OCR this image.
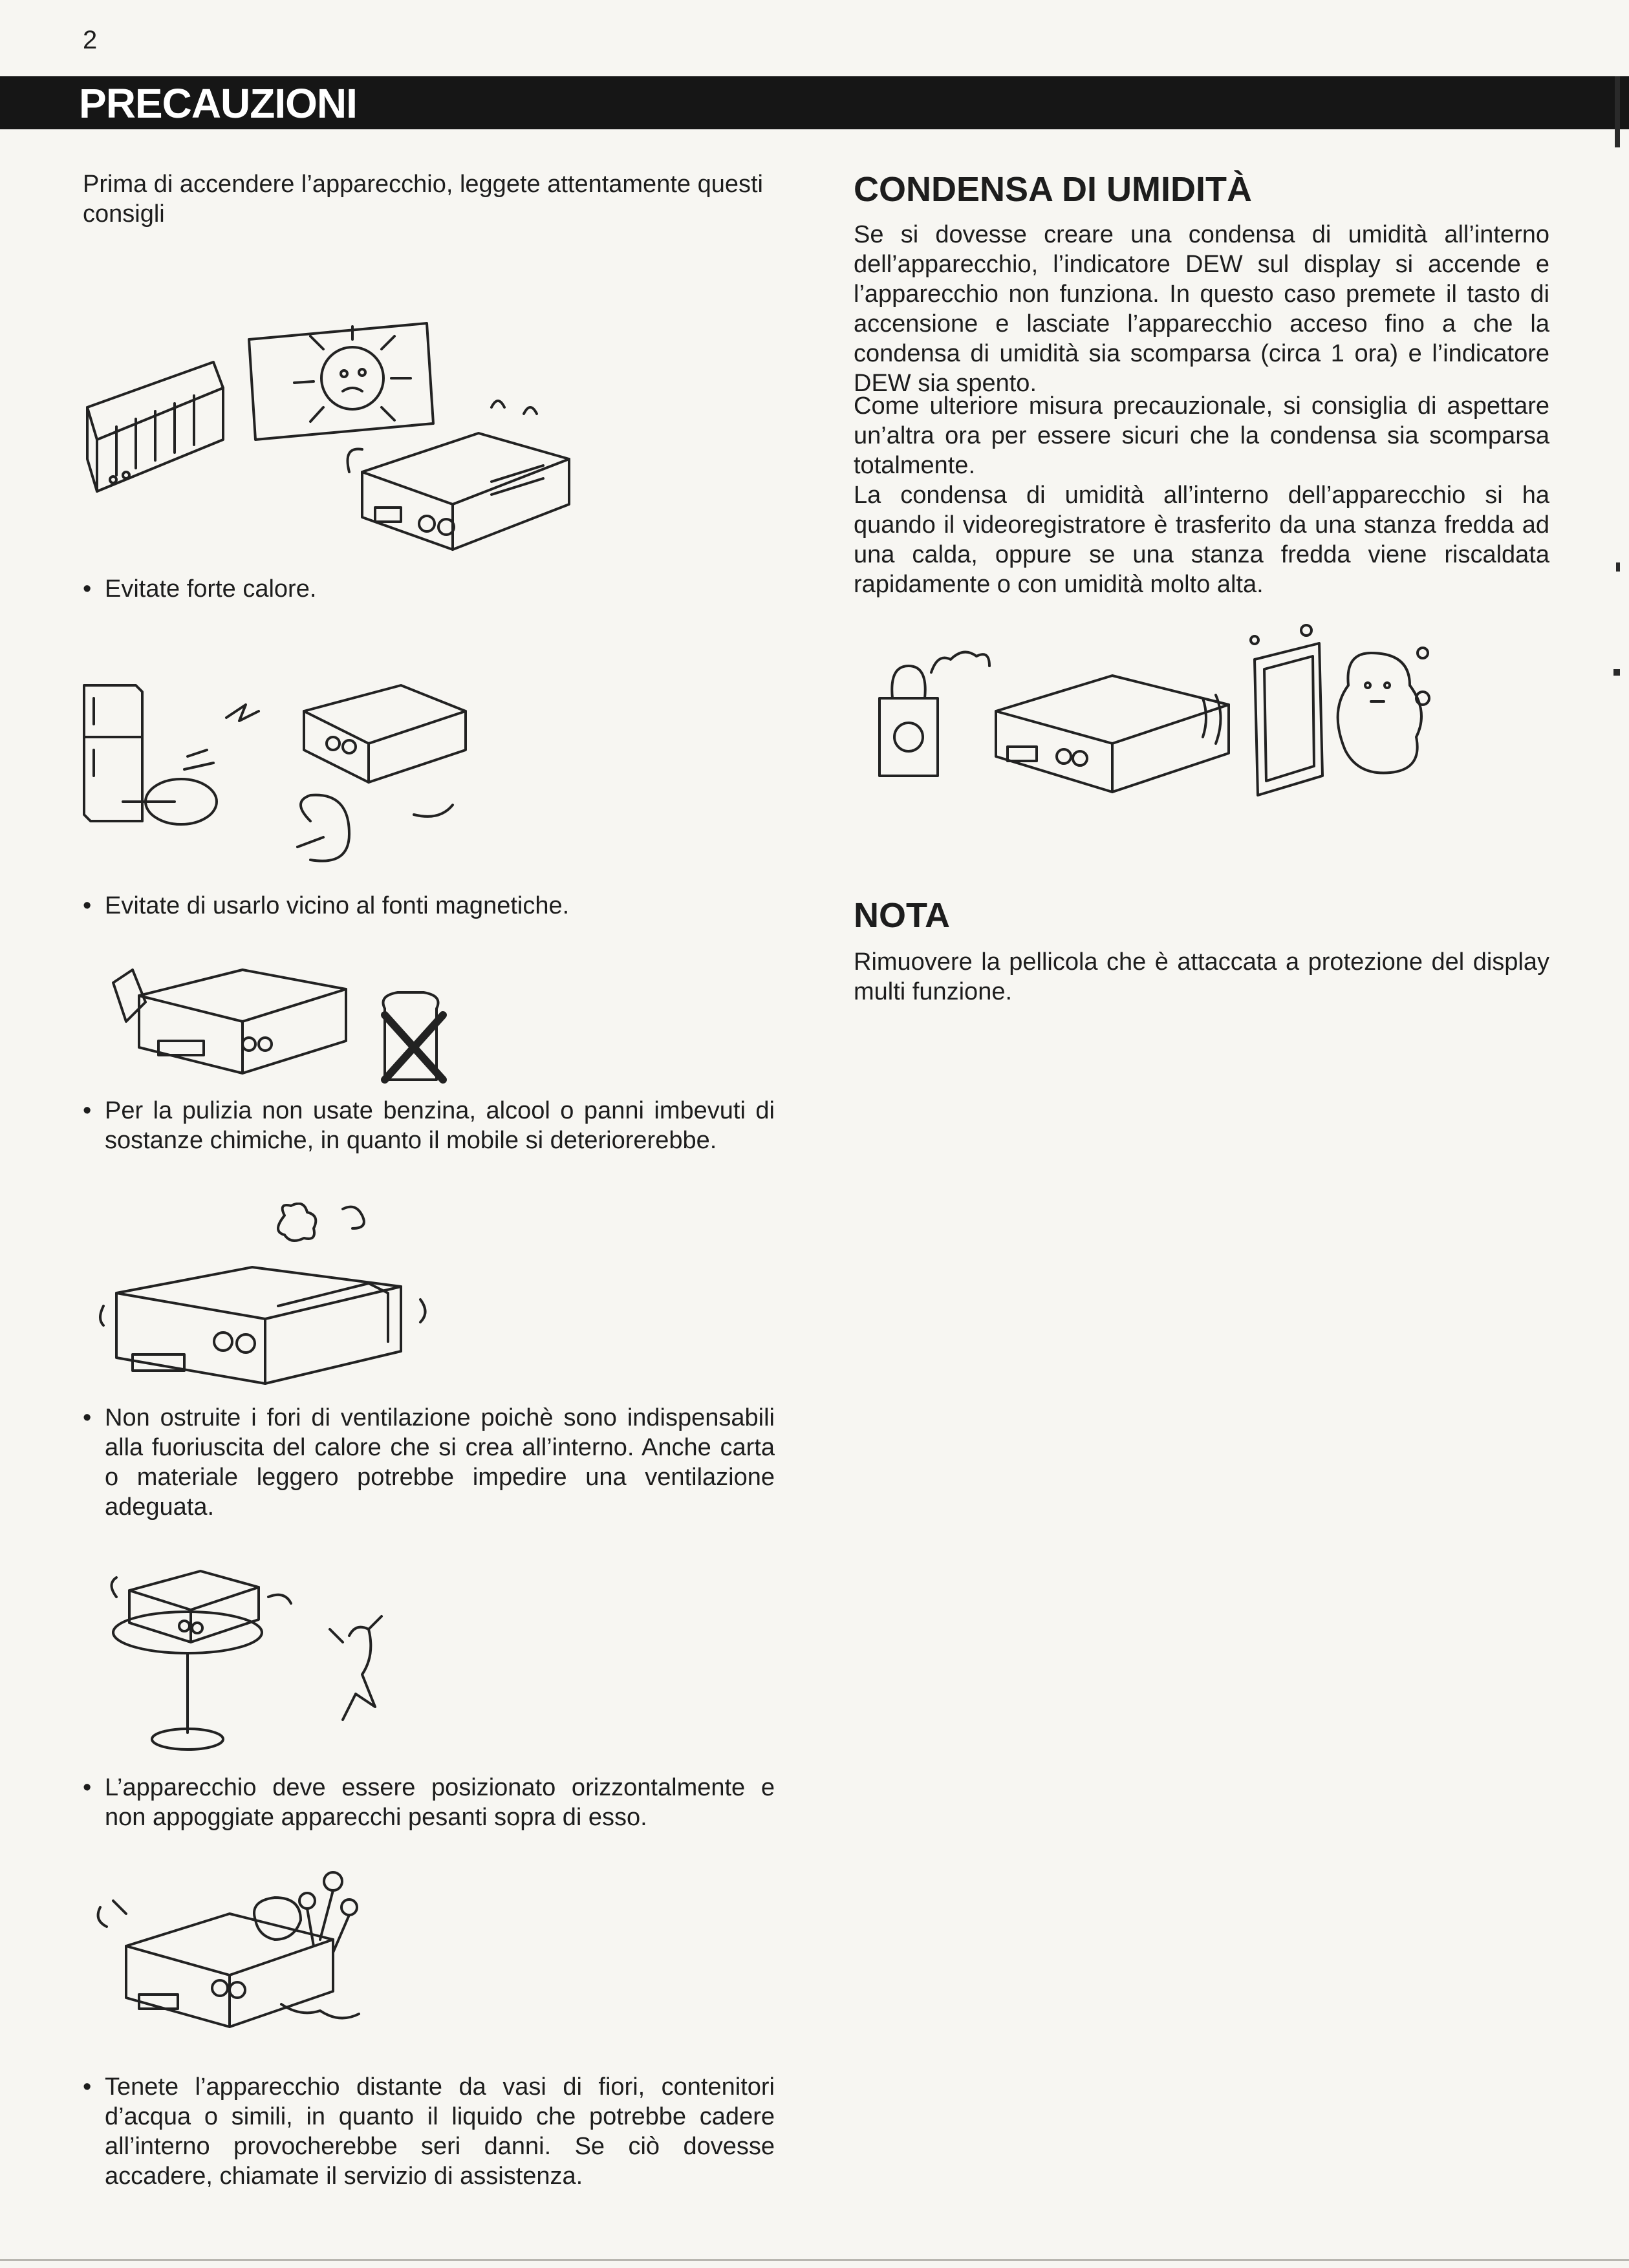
2
PRECAUZIONI

Prima di accendere l’apparecchio, leggete attentamente questi consigli

• Evitate forte calore.
• Evitate di usarlo vicino al fonti magnetiche.
• Per la pulizia non usate benzina, alcool o panni imbevuti di sostanze chimiche, in quanto il mobile si deteriorerebbe.
• Non ostruite i fori di ventilazione poichè sono indispensabili alla fuoriuscita del calore che si crea all’interno. Anche carta o materiale leggero potrebbe impedire una ventilazione adeguata.
• L’apparecchio deve essere posizionato orizzontalmente e non appoggiate apparecchi pesanti sopra di esso.
• Tenete l’apparecchio distante da vasi di fiori, contenitori d’acqua o simili, in quanto il liquido che potrebbe cadere all’interno provocherebbe seri danni. Se ciò dovesse accadere, chiamate il servizio di assistenza.
CONDENSA DI UMIDITÀ

Se si dovesse creare una condensa di umidità all’interno dell’apparecchio, l’indicatore DEW sul display si accende e l’apparecchio non funziona. In questo caso premete il tasto di accensione e lasciate l’apparecchio acceso fino a che la condensa di umidità sia scomparsa (circa 1 ora) e l’indicatore DEW sia spento.

Come ulteriore misura precauzionale, si consiglia di aspettare un’altra ora per essere sicuri che la condensa sia scomparsa totalmente.

La condensa di umidità all’interno dell’apparecchio si ha quando il videoregistratore è trasferito da una stanza fredda ad una calda, oppure se una stanza fredda viene riscaldata rapidamente o con umidità molto alta.

NOTA

Rimuovere la pellicola che è attaccata a protezione del display multi funzione.
